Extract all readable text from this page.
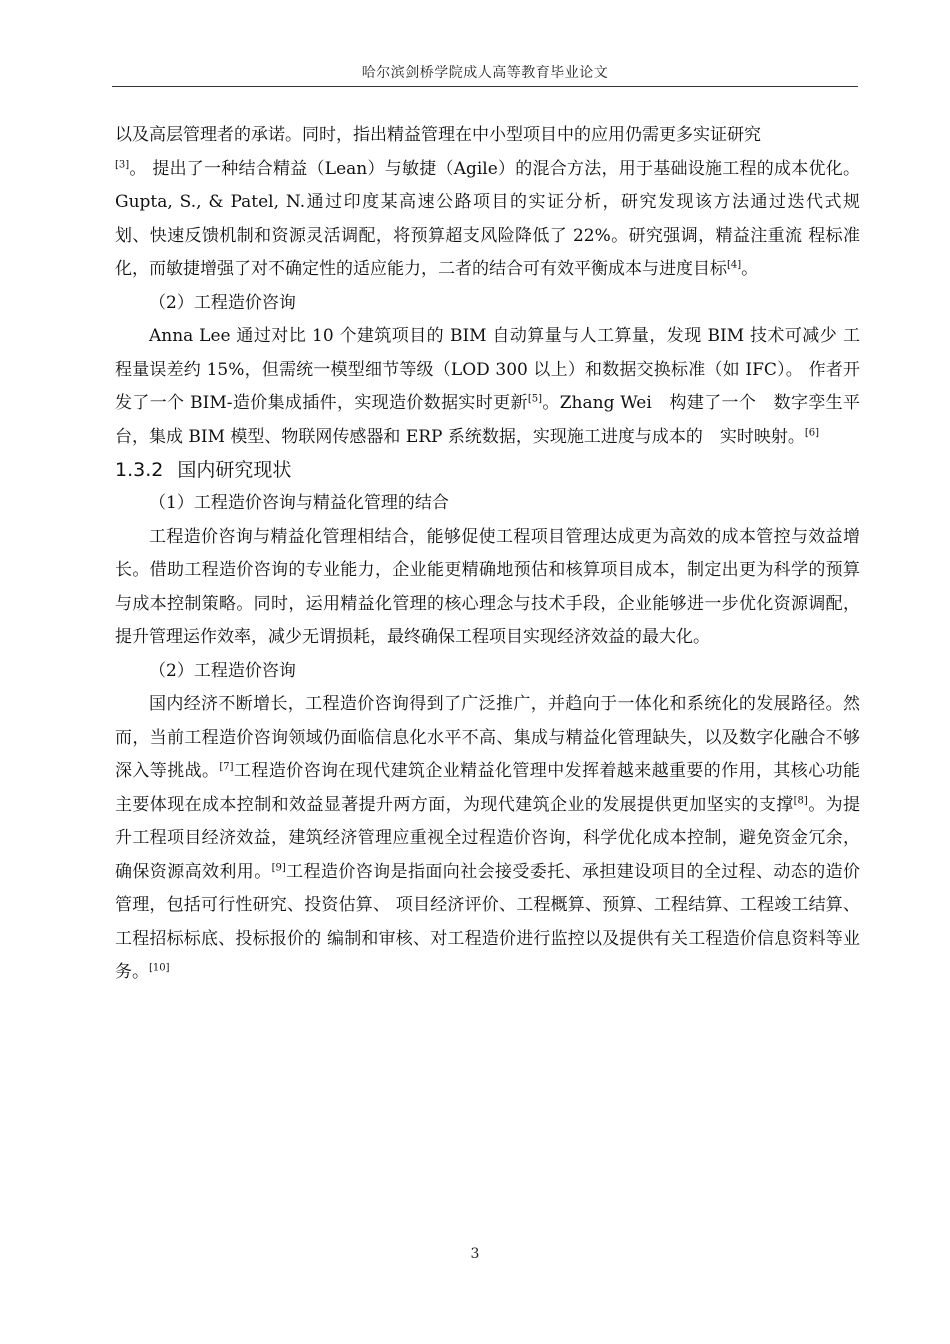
哈尔滨剑桥学院成人高等教育毕业论文

以及高层管理者的承诺。同时，指出精益管理在中小型项目中的应用仍需更多实证研究

[3]。 提出了一种结合精益（Lean）与敏捷（Agile）的混合方法，用于基础设施工程的成本优化。 Gupta, S., & Patel, N.通过印度某高速公路项目的实证分析，研究发现该方法通过迭代式规　划、快速反馈机制和资源灵活调配，将预算超支风险降低了 22%。研究强调，精益注重流 程标准化，而敏捷增强了对不确定性的适应能力，二者的结合可有效平衡成本与进度目标[4]。

（2）工程造价咨询

Anna Lee 通过对比 10 个建筑项目的 BIM 自动算量与人工算量，发现 BIM 技术可减少 工程量误差约 15%，但需统一模型细节等级（LOD 300 以上）和数据交换标准（如 IFC）。 作者开发了一个 BIM-造价集成插件，实现造价数据实时更新[5]。Zhang Wei　构建了一个　数字孪生平台，集成 BIM 模型、物联网传感器和 ERP 系统数据，实现施工进度与成本的　实时映射。[6]

1.3.2 国内研究现状

（1）工程造价咨询与精益化管理的结合

工程造价咨询与精益化管理相结合，能够促使工程项目管理达成更为高效的成本管控与效益增长。借助工程造价咨询的专业能力，企业能更精确地预估和核算项目成本，制定出更为科学的预算与成本控制策略。同时，运用精益化管理的核心理念与技术手段，企业能够进一步优化资源调配，提升管理运作效率，减少无谓损耗，最终确保工程项目实现经济效益的最大化。

（2）工程造价咨询

国内经济不断增长，工程造价咨询得到了广泛推广，并趋向于一体化和系统化的发展路径。然而，当前工程造价咨询领域仍面临信息化水平不高、集成与精益化管理缺失，以及数字化融合不够深入等挑战。[7]工程造价咨询在现代建筑企业精益化管理中发挥着越来越重要的作用，其核心功能主要体现在成本控制和效益显著提升两方面，为现代建筑企业的发展提供更加坚实的支撑[8]。为提升工程项目经济效益，建筑经济管理应重视全过程造价咨询，科学优化成本控制，避免资金冗余，确保资源高效利用。[9]工程造价咨询是指面向社会接受委托、承担建设项目的全过程、动态的造价管理，包括可行性研究、投资估算、 项目经济评价、工程概算、预算、工程结算、工程竣工结算、工程招标标底、投标报价的 编制和审核、对工程造价进行监控以及提供有关工程造价信息资料等业务。[10]

3
